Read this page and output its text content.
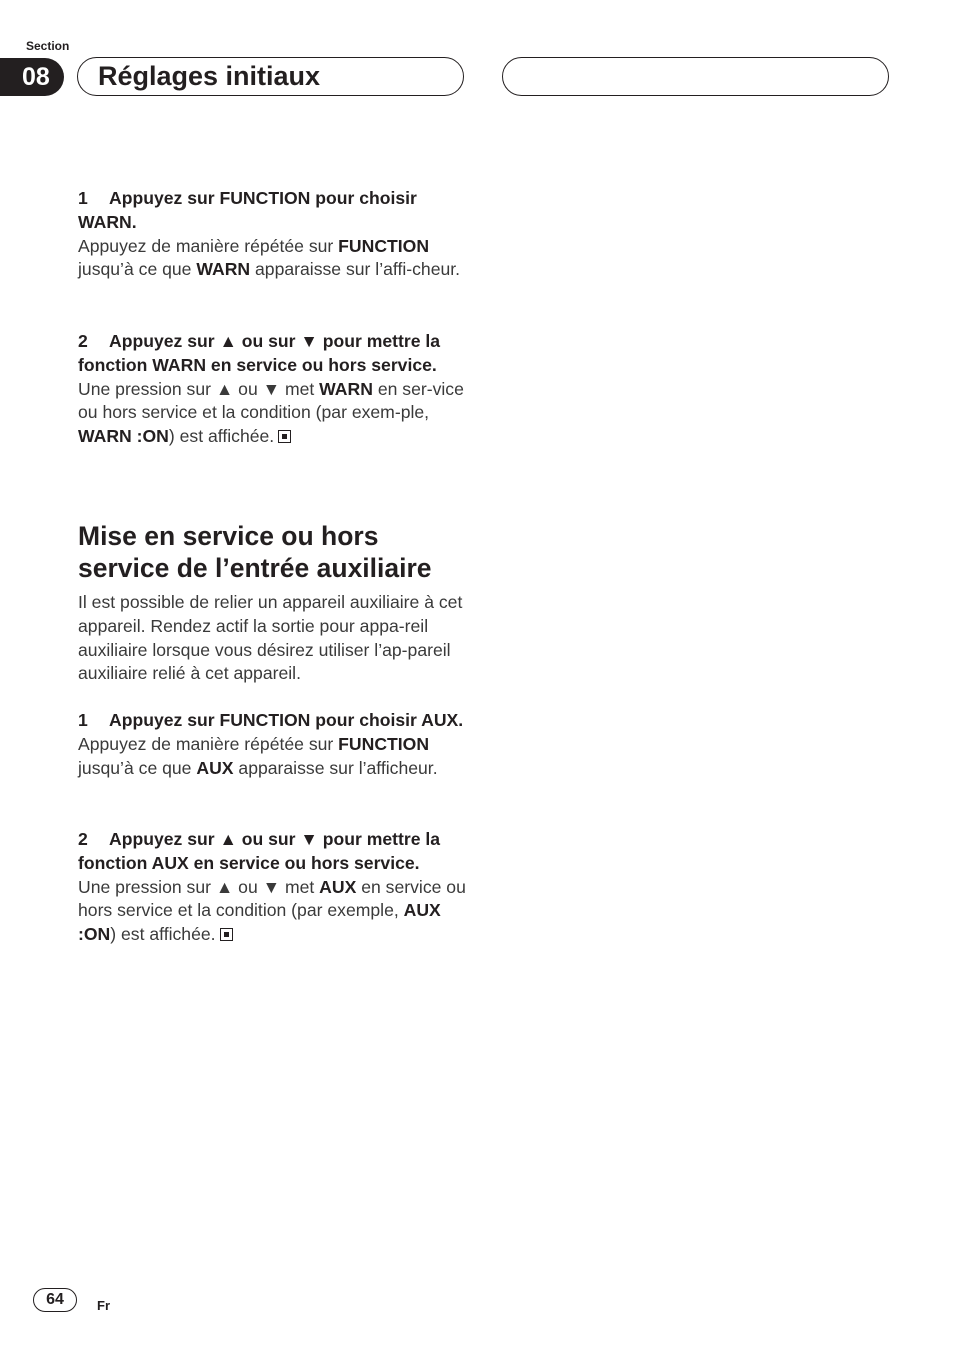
Section
08	Réglages initiaux

1 Appuyez sur FUNCTION pour choisir WARN.

Appuyez de manière répétée sur FUNCTION jusqu’à ce que WARN apparaisse sur l’affi-cheur.

2 Appuyez sur ▲ ou sur ▼ pour mettre la fonction WARN en service ou hors service.

Une pression sur ▲ ou ▼ met WARN en ser-vice ou hors service et la condition (par exem-ple, WARN :ON) est affichée.

Mise en service ou hors service de l’entrée auxiliaire

Il est possible de relier un appareil auxiliaire à cet appareil. Rendez actif la sortie pour appa-reil auxiliaire lorsque vous désirez utiliser l’ap-pareil auxiliaire relié à cet appareil.

1 Appuyez sur FUNCTION pour choisir AUX.

Appuyez de manière répétée sur FUNCTION jusqu’à ce que AUX apparaisse sur l’afficheur.

2 Appuyez sur ▲ ou sur ▼ pour mettre la fonction AUX en service ou hors service.

Une pression sur ▲ ou ▼ met AUX en service ou hors service et la condition (par exemple, AUX :ON) est affichée.

64	Fr
